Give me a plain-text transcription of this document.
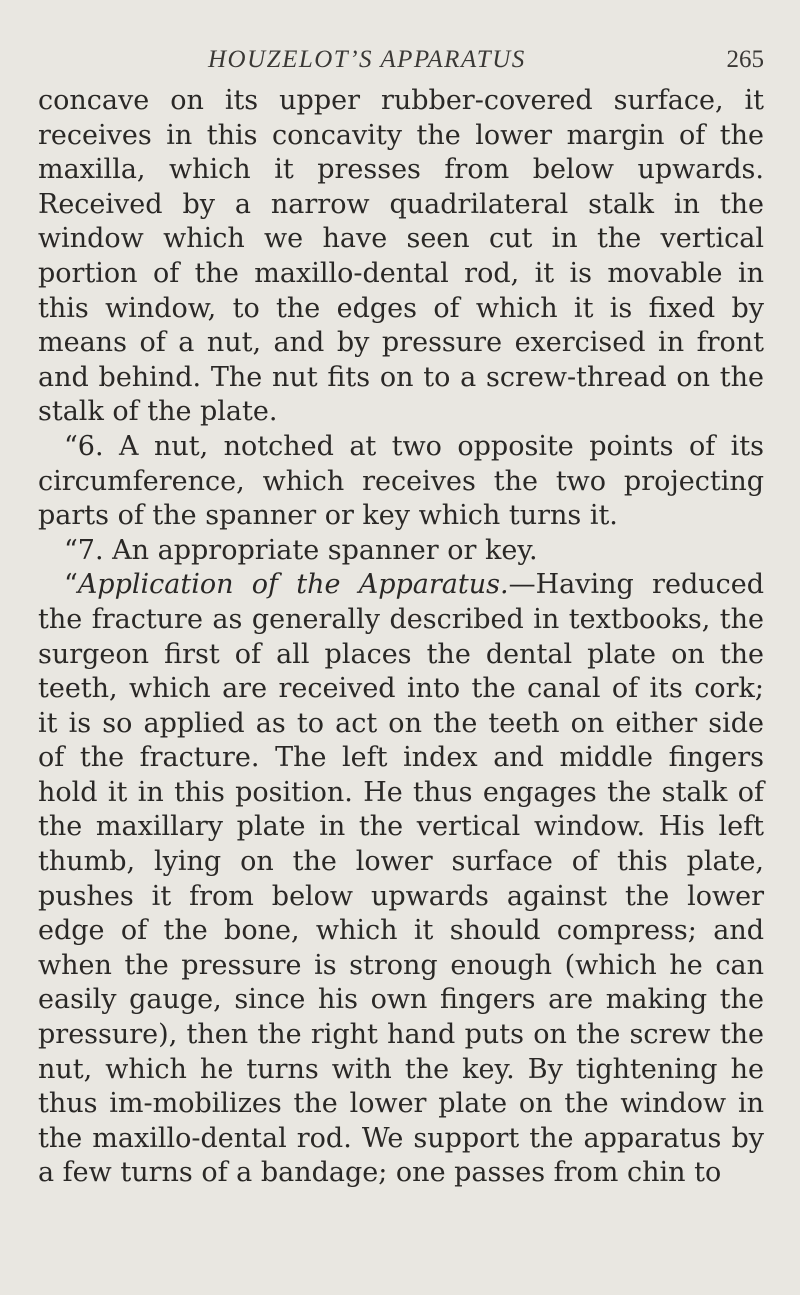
HOUZELOT’S APPARATUS	265

concave on its upper rubber-covered surface, it receives in this concavity the lower margin of the maxilla, which it presses from below upwards. Received by a narrow quadrilateral stalk in the window which we have seen cut in the vertical portion of the maxillo-dental rod, it is movable in this window, to the edges of which it is fixed by means of a nut, and by pressure exercised in front and behind. The nut fits on to a screw-thread on the stalk of the plate.

“6. A nut, notched at two opposite points of its circumference, which receives the two projecting parts of the spanner or key which turns it.

“7. An appropriate spanner or key.

“Application of the Apparatus.—Having reduced the fracture as generally described in textbooks, the surgeon first of all places the dental plate on the teeth, which are received into the canal of its cork; it is so applied as to act on the teeth on either side of the fracture. The left index and middle fingers hold it in this position. He thus engages the stalk of the maxillary plate in the vertical window. His left thumb, lying on the lower surface of this plate, pushes it from below upwards against the lower edge of the bone, which it should compress; and when the pressure is strong enough (which he can easily gauge, since his own fingers are making the pressure), then the right hand puts on the screw the nut, which he turns with the key. By tightening he thus im-mobilizes the lower plate on the window in the maxillo-dental rod. We support the apparatus by a few turns of a bandage; one passes from chin to
